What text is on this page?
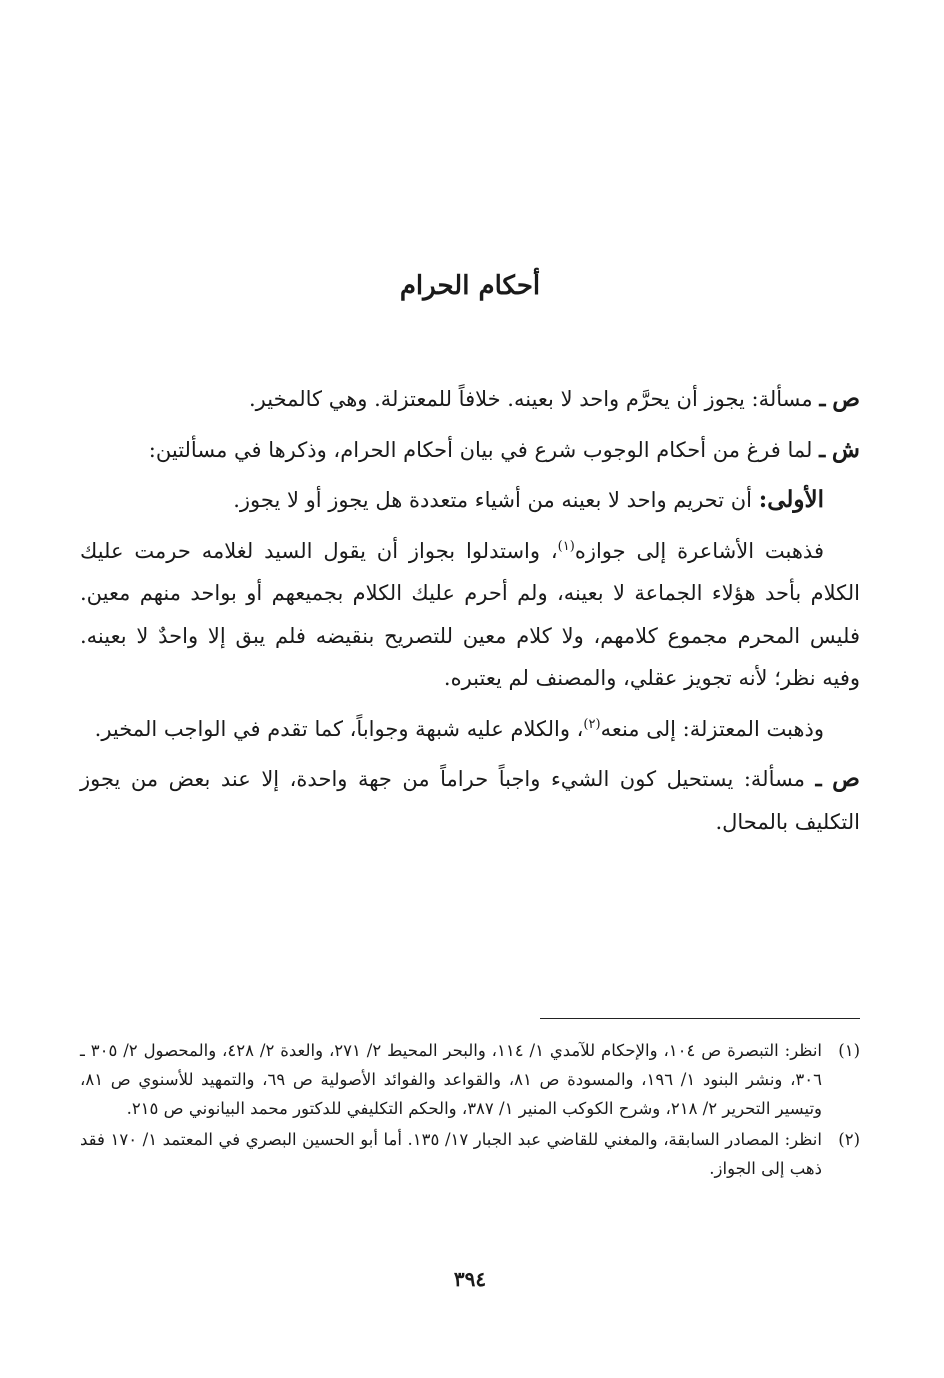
أحكام الحرام

ص ـ مسألة: يجوز أن يحرَّم واحد لا بعينه. خلافاً للمعتزلة. وهي كالمخير.

ش ـ لما فرغ من أحكام الوجوب شرع في بيان أحكام الحرام، وذكرها في مسألتين:

الأولى: أن تحريم واحد لا بعينه من أشياء متعددة هل يجوز أو لا يجوز.

فذهبت الأشاعرة إلى جوازه$^{(١)}$، واستدلوا بجواز أن يقول السيد لغلامه حرمت عليك الكلام بأحد هؤلاء الجماعة لا بعينه، ولم أحرم عليك الكلام بجميعهم أو بواحد منهم معين. فليس المحرم مجموع كلامهم، ولا كلام معين للتصريح بنقيضه فلم يبق إلا واحدٌ لا بعينه. وفيه نظر؛ لأنه تجويز عقلي، والمصنف لم يعتبره.

وذهبت المعتزلة: إلى منعه$^{(٢)}$، والكلام عليه شبهة وجواباً، كما تقدم في الواجب المخير.

ص ـ مسألة: يستحيل كون الشيء واجباً حراماً من جهة واحدة، إلا عند بعض من يجوز التكليف بالمحال.

(١)
انظر: التبصرة ص ١٠٤، والإحكام للآمدي ١/ ١١٤، والبحر المحيط ٢/ ٢٧١، والعدة ٢/ ٤٢٨، والمحصول ٢/ ٣٠٥ ـ ٣٠٦، ونشر البنود ١/ ١٩٦، والمسودة ص ٨١، والقواعد والفوائد الأصولية ص ٦٩، والتمهيد للأسنوي ص ٨١، وتيسير التحرير ٢/ ٢١٨، وشرح الكوكب المنير ١/ ٣٨٧، والحكم التكليفي للدكتور محمد البيانوني ص ٢١٥.
(٢)
انظر: المصادر السابقة، والمغني للقاضي عبد الجبار ١٧/ ١٣٥. أما أبو الحسين البصري في المعتمد ١/ ١٧٠ فقد ذهب إلى الجواز.
٣٩٤
